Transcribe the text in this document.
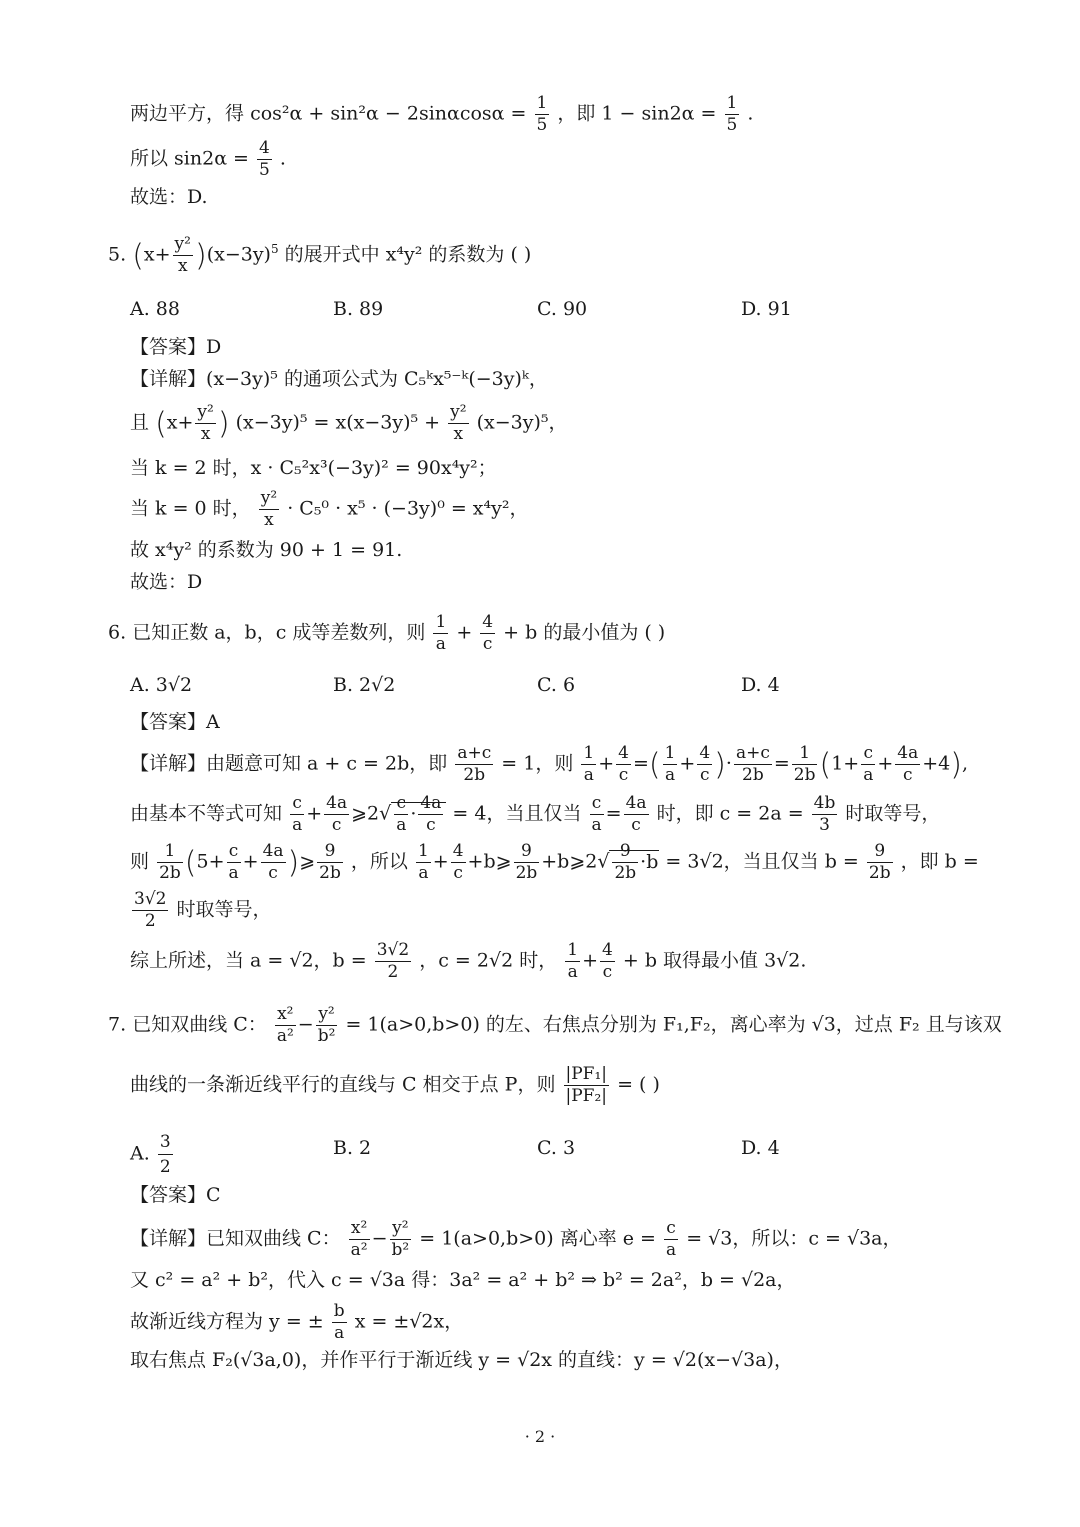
两边平方，得 $\cos^2\alpha + \sin^2\alpha - 2\sin\alpha\cos\alpha = \frac{1}{5}$ ，即 $1 - \sin 2\alpha = \frac{1}{5}$ .
所以 $\sin 2\alpha = \frac{4}{5}$ .
故选：D.
5. $(x+ \frac{\text{y²}}{x} )(x-3y)^5$ 的展开式中 x⁴y² 的系数为 ( )
A. 88	B. 89	C. 90	D. 91
【答案】D
【详解】(x−3y)⁵ 的通项公式为 C₅ᵏx⁵⁻ᵏ(−3y)ᵏ，
且 ($x+ \frac{\text{y²}}{x}$ ) $(x-3y)^5 = x(x-3y)^5 + \frac{\text{y²}}{x} (x-3y)^5$，
当 k = 2 时，x · C₅²x³(−3y)² = 90x⁴y²；
当 k = 0 时， $\frac{\text{y²}}{x} \cdot C_5^0 \cdot x^5 \cdot (-3y)^0 = x^4y^2$，
故 x⁴y² 的系数为 90 + 1 = 91.
故选：D
6. 已知正数 a，b，c 成等差数列，则 $\frac{1}{a} + \frac{4}{c} + b$ 的最小值为 ( )
A. 3√2	B. 2√2	C. 6	D. 4
【答案】A
【详解】由题意可知 a + c = 2b，即 $\frac{a+c}{2b} = 1$，则 $\frac{1}{a} + \frac{4}{c}$ =( $\frac{1}{a} + \frac{4}{c}$ )· $\frac{a+c}{2b} = \frac{1}{2b} (1+ \frac{c}{a} + \frac{4a}{c} +4)$,
由基本不等式可知 $\frac{c}{a} + \frac{4a}{c}$ ⩾2√ $\frac{c}{a} \cdot \frac{4a}{c} = 4$，当且仅当 $\frac{c}{a} = \frac{4a}{c}$ 时，即 $c = 2a = \frac{4b}{3}$ 时取等号，
则 $\frac{1}{2b} (5+ \frac{c}{a} + \frac{4a}{c}$ )⩾ $\frac{9}{2b}$ ，所以 $\frac{1}{a} + \frac{4}{c}$ +b⩾ $\frac{9}{2b}$ +b⩾2√ $\frac{9}{2b} \cdot b = 3√2$，当且仅当 $b = \frac{9}{2b}$ ，即 b =
$\frac{3√2}{2}$ 时取等号，
综上所述，当 a = √2，$b = \frac{3√2}{2}$ ，c = 2√2 时， $\frac{1}{a} + \frac{4}{c} + b$ 取得最小值 3√2.
7. 已知双曲线 C： $\frac{\text{x²}}{\text{a²}} - \frac{\text{y²}}{\text{b²}} = 1(a>0,b>0)$ 的左、右焦点分别为 F₁,F₂，离心率为 √3，过点 F₂ 且与该双
曲线的一条渐近线平行的直线与 C 相交于点 P，则 $\frac{\text{|PF₁|}}{\text{|PF₂|}}$ = ( )
A. $\frac{3}{2}$	B. 2	C. 3	D. 4
【答案】C
【详解】已知双曲线 C： $\frac{\text{x²}}{\text{a²}} - \frac{\text{y²}}{\text{b²}} = 1(a>0,b>0)$ 离心率 $e = \frac{c}{a} = √3$，所以：c = √3a，
又 c² = a² + b²，代入 c = √3a 得：3a² = a² + b² ⇒ b² = 2a²，b = √2a，
故渐近线方程为 y = ± $\frac{b}{a}$ x = ±√2x，
取右焦点 F₂(√3a,0)，并作平行于渐近线 y = √2x 的直线：y = √2(x−√3a)，
· 2 ·
